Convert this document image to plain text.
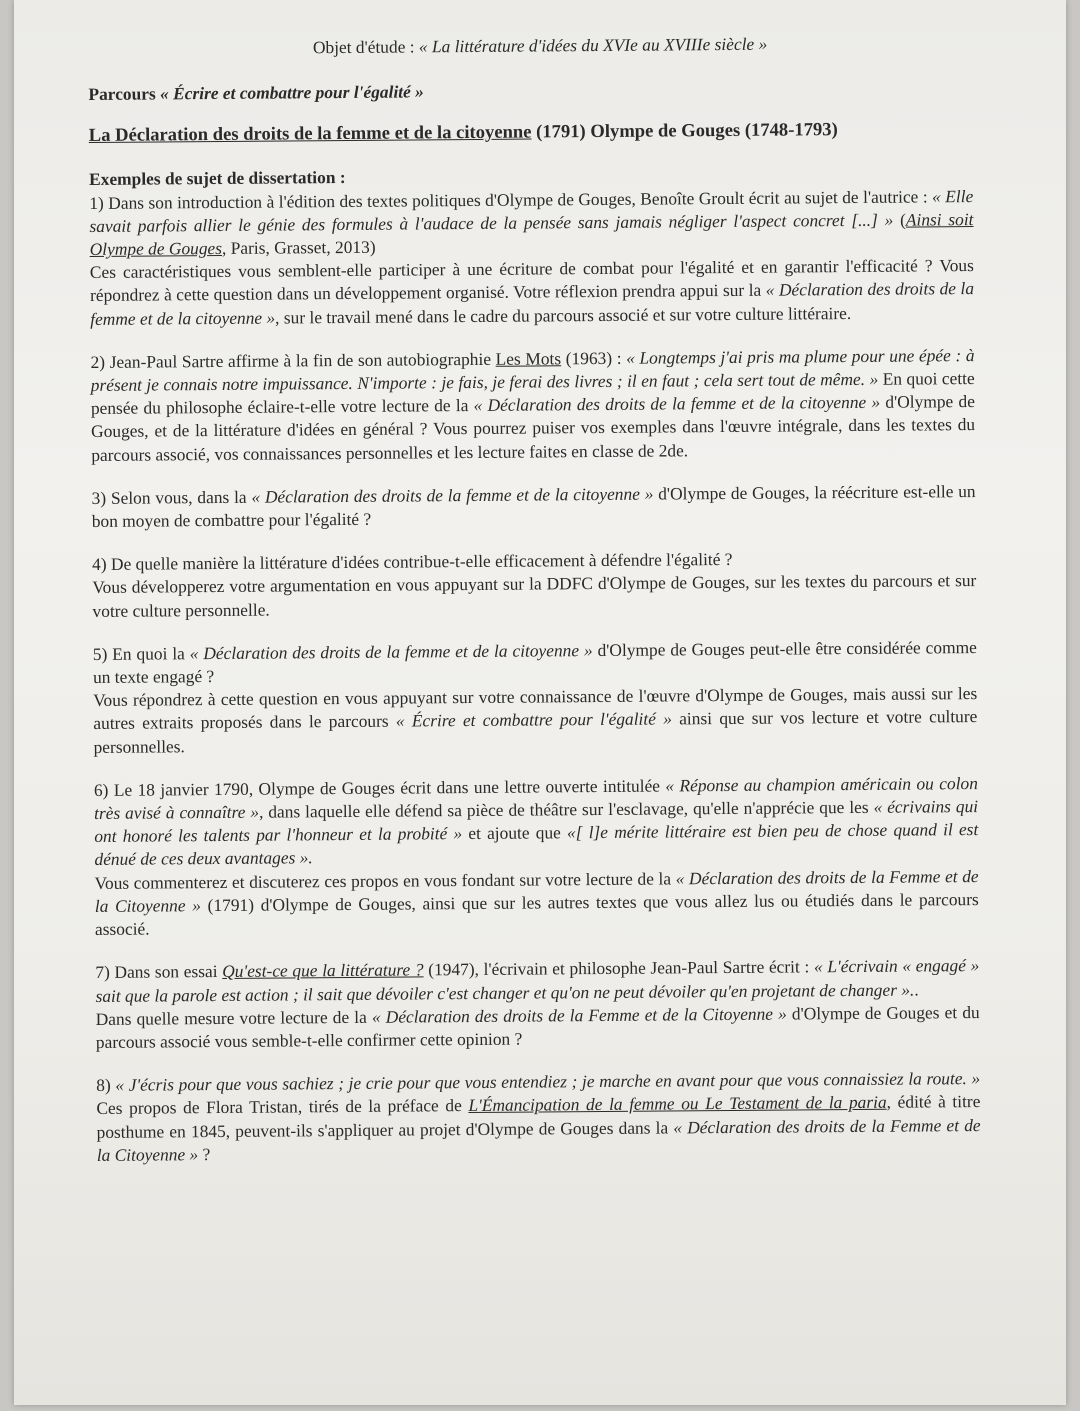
Objet d'étude : « La littérature d'idées du XVIe au XVIIIe siècle »

Parcours « Écrire et combattre pour l'égalité »

La Déclaration des droits de la femme et de la citoyenne (1791) Olympe de Gouges (1748-1793)

Exemples de sujet de dissertation :

1) Dans son introduction à l'édition des textes politiques d'Olympe de Gouges, Benoîte Groult écrit au sujet de l'autrice : « Elle savait parfois allier le génie des formules à l'audace de la pensée sans jamais négliger l'aspect concret [...] » (Ainsi soit Olympe de Gouges, Paris, Grasset, 2013)

Ces caractéristiques vous semblent-elle participer à une écriture de combat pour l'égalité et en garantir l'efficacité ? Vous répondrez à cette question dans un développement organisé. Votre réflexion prendra appui sur la « Déclaration des droits de la femme et de la citoyenne », sur le travail mené dans le cadre du parcours associé et sur votre culture littéraire.

2) Jean-Paul Sartre affirme à la fin de son autobiographie Les Mots (1963) : « Longtemps j'ai pris ma plume pour une épée : à présent je connais notre impuissance. N'importe : je fais, je ferai des livres ; il en faut ; cela sert tout de même. » En quoi cette pensée du philosophe éclaire-t-elle votre lecture de la « Déclaration des droits de la femme et de la citoyenne » d'Olympe de Gouges, et de la littérature d'idées en général ? Vous pourrez puiser vos exemples dans l'œuvre intégrale, dans les textes du parcours associé, vos connaissances personnelles et les lecture faites en classe de 2de.

3) Selon vous, dans la « Déclaration des droits de la femme et de la citoyenne » d'Olympe de Gouges, la réécriture est-elle un bon moyen de combattre pour l'égalité ?

4) De quelle manière la littérature d'idées contribue-t-elle efficacement à défendre l'égalité ?

Vous développerez votre argumentation en vous appuyant sur la DDFC d'Olympe de Gouges, sur les textes du parcours et sur votre culture personnelle.

5) En quoi la « Déclaration des droits de la femme et de la citoyenne » d'Olympe de Gouges peut-elle être considérée comme un texte engagé ?

Vous répondrez à cette question en vous appuyant sur votre connaissance de l'œuvre d'Olympe de Gouges, mais aussi sur les autres extraits proposés dans le parcours « Écrire et combattre pour l'égalité » ainsi que sur vos lecture et votre culture personnelles.

6) Le 18 janvier 1790, Olympe de Gouges écrit dans une lettre ouverte intitulée « Réponse au champion américain ou colon très avisé à connaître », dans laquelle elle défend sa pièce de théâtre sur l'esclavage, qu'elle n'apprécie que les « écrivains qui ont honoré les talents par l'honneur et la probité » et ajoute que «[ l]e mérite littéraire est bien peu de chose quand il est dénué de ces deux avantages ».

Vous commenterez et discuterez ces propos en vous fondant sur votre lecture de la « Déclaration des droits de la Femme et de la Citoyenne » (1791) d'Olympe de Gouges, ainsi que sur les autres textes que vous allez lus ou étudiés dans le parcours associé.

7) Dans son essai Qu'est-ce que la littérature ? (1947), l'écrivain et philosophe Jean-Paul Sartre écrit : « L'écrivain « engagé » sait que la parole est action ; il sait que dévoiler c'est changer et qu'on ne peut dévoiler qu'en projetant de changer »..

Dans quelle mesure votre lecture de la « Déclaration des droits de la Femme et de la Citoyenne » d'Olympe de Gouges et du parcours associé vous semble-t-elle confirmer cette opinion ?

8) « J'écris pour que vous sachiez ; je crie pour que vous entendiez ; je marche en avant pour que vous connaissiez la route. » Ces propos de Flora Tristan, tirés de la préface de L'Émancipation de la femme ou Le Testament de la paria, édité à titre posthume en 1845, peuvent-ils s'appliquer au projet d'Olympe de Gouges dans la « Déclaration des droits de la Femme et de la Citoyenne » ?
